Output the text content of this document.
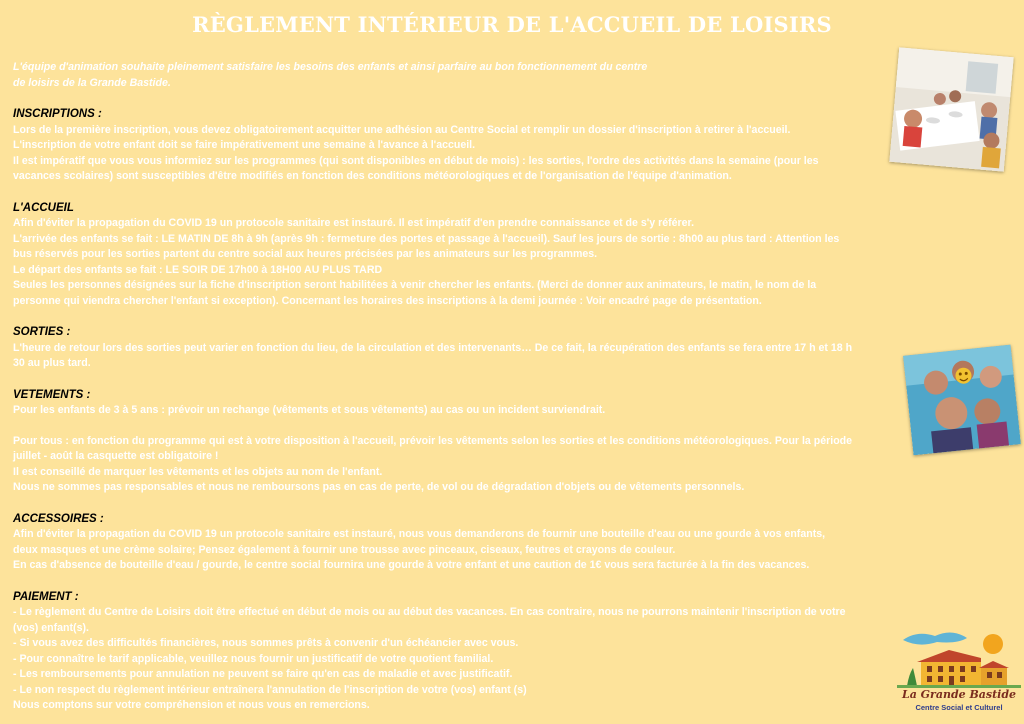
RÈGLEMENT INTÉRIEUR DE L'ACCUEIL DE LOISIRS
L'équipe d'animation souhaite pleinement satisfaire les besoins des enfants et ainsi parfaire au bon fonctionnement du centre
de loisirs de la Grande Bastide.
INSCRIPTIONS :
Lors de la première inscription, vous devez obligatoirement acquitter une adhésion au Centre Social et remplir un dossier d'inscription à retirer à l'accueil.
L'inscription de votre enfant doit se faire impérativement une semaine à l'avance à l'accueil.
Il est impératif que vous vous informiez sur les programmes (qui sont disponibles en début de mois) : les sorties, l'ordre des activités dans la semaine (pour les
vacances scolaires) sont susceptibles d'être modifiés en fonction des conditions météorologiques et de l'organisation de l'équipe d'animation.
L'ACCUEIL
Afin d'éviter la propagation du COVID 19 un protocole sanitaire est instauré. Il est impératif d'en prendre connaissance et de s'y référer.
L'arrivée des enfants se fait : LE MATIN DE 8h à 9h (après 9h : fermeture des portes et passage à l'accueil). Sauf les jours de sortie : 8h00 au plus tard : Attention les
bus réservés pour les sorties partent du centre social aux heures précisées par les animateurs sur les programmes.
Le départ des enfants se fait : LE SOIR DE 17h00 à 18H00 AU PLUS TARD
Seules les personnes désignées sur la fiche d'inscription seront habilitées à venir chercher les enfants. (Merci de donner aux animateurs, le matin, le nom de la
personne qui viendra chercher l'enfant si exception). Concernant les horaires des inscriptions à la demi journée : Voir encadré page de présentation.
SORTIES :
L'heure de retour lors des sorties peut varier en fonction du lieu, de la circulation et des intervenants… De ce fait, la récupération des enfants se fera entre 17 h et 18 h
30 au plus tard.
VETEMENTS :
Pour les enfants de 3 à 5 ans : prévoir un rechange (vêtements et sous vêtements) au cas ou un incident surviendrait.
Pour tous : en fonction du programme qui est à votre disposition à l'accueil, prévoir les vêtements selon les sorties et les conditions météorologiques. Pour la période
juillet - août la casquette est obligatoire !
Il est conseillé de marquer les vêtements et les objets au nom de l'enfant.
Nous ne sommes pas responsables et nous ne remboursons pas en cas de perte, de vol ou de dégradation d'objets ou de vêtements personnels.
ACCESSOIRES :
Afin d'éviter la propagation du COVID 19 un protocole sanitaire est instauré, nous vous demanderons de fournir une bouteille d'eau ou une gourde à vos enfants,
deux masques et une crème solaire; Pensez également à fournir une trousse avec pinceaux, ciseaux, feutres et crayons de couleur.
En cas d'absence de bouteille d'eau / gourde, le centre social fournira une gourde à votre enfant et une caution de 1€ vous sera facturée à la fin des vacances.
PAIEMENT :
- Le règlement du Centre de Loisirs doit être effectué en début de mois ou au début des vacances. En cas contraire, nous ne pourrons maintenir l'inscription de votre
(vos) enfant(s).
- Si vous avez des difficultés financières, nous sommes prêts à convenir d'un échéancier avec vous.
- Pour connaître le tarif applicable, veuillez nous fournir un justificatif de votre quotient familial.
- Les remboursements pour annulation ne peuvent se faire qu'en cas de maladie et avec justificatif.
- Le non respect du règlement intérieur entraînera l'annulation de l'inscription de votre (vos) enfant (s)
Nous comptons sur votre compréhension et nous vous en remercions.
La Grande Bastide
Centre Social et Culturel
